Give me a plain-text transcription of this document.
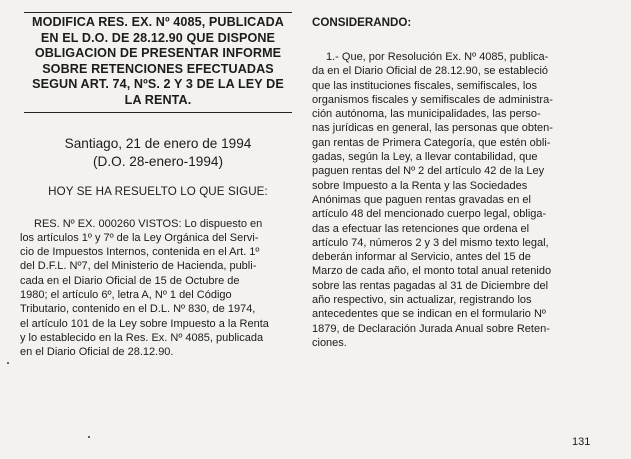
MODIFICA RES. EX. Nº 4085, PUBLICADA
EN EL D.O. DE 28.12.90 QUE DISPONE
OBLIGACION DE PRESENTAR INFORME
SOBRE RETENCIONES EFECTUADAS
SEGUN ART. 74, NºS. 2 Y 3 DE LA LEY DE
LA RENTA.
Santiago, 21 de enero de 1994
(D.O. 28-enero-1994)
HOY SE HA RESUELTO LO QUE SIGUE:
RES. Nº EX. 000260 VISTOS: Lo dispuesto en
los artículos 1º y 7º de la Ley Orgánica del Servi-
cio de Impuestos Internos, contenida en el Art. 1º
del D.F.L. Nº7, del Ministerio de Hacienda, publi-
cada en el Diario Oficial de 15 de Octubre de
1980; el artículo 6º, letra A, Nº 1 del Código
Tributario, contenido en el D.L. Nº 830, de 1974,
el artículo 101 de la Ley sobre Impuesto a la Renta
y lo establecido en la Res. Ex. Nº 4085, publicada
en el Diario Oficial de 28.12.90.
CONSIDERANDO:
1.- Que, por Resolución Ex. Nº 4085, publica-
da en el Diario Oficial de 28.12.90, se estableció
que las instituciones fiscales, semifiscales, los
organismos fiscales y semifiscales de administra-
ción autónoma, las municipalidades, las perso-
nas jurídicas en general, las personas que obten-
gan rentas de Primera Categoría, que estén obli-
gadas, según la Ley, a llevar contabilidad, que
paguen rentas del Nº 2 del artículo 42 de la Ley
sobre Impuesto a la Renta y las Sociedades
Anónimas que paguen rentas gravadas en el
artículo 48 del mencionado cuerpo legal, obliga-
das a efectuar las retenciones que ordena el
artículo 74, números 2 y 3 del mismo texto legal,
deberán informar al Servicio, antes del 15 de
Marzo de cada año, el monto total anual retenido
sobre las rentas pagadas al 31 de Diciembre del
año respectivo, sin actualizar, registrando los
antecedentes que se indican en el formulario Nº
1879, de Declaración Jurada Anual sobre Reten-
ciones.
131
